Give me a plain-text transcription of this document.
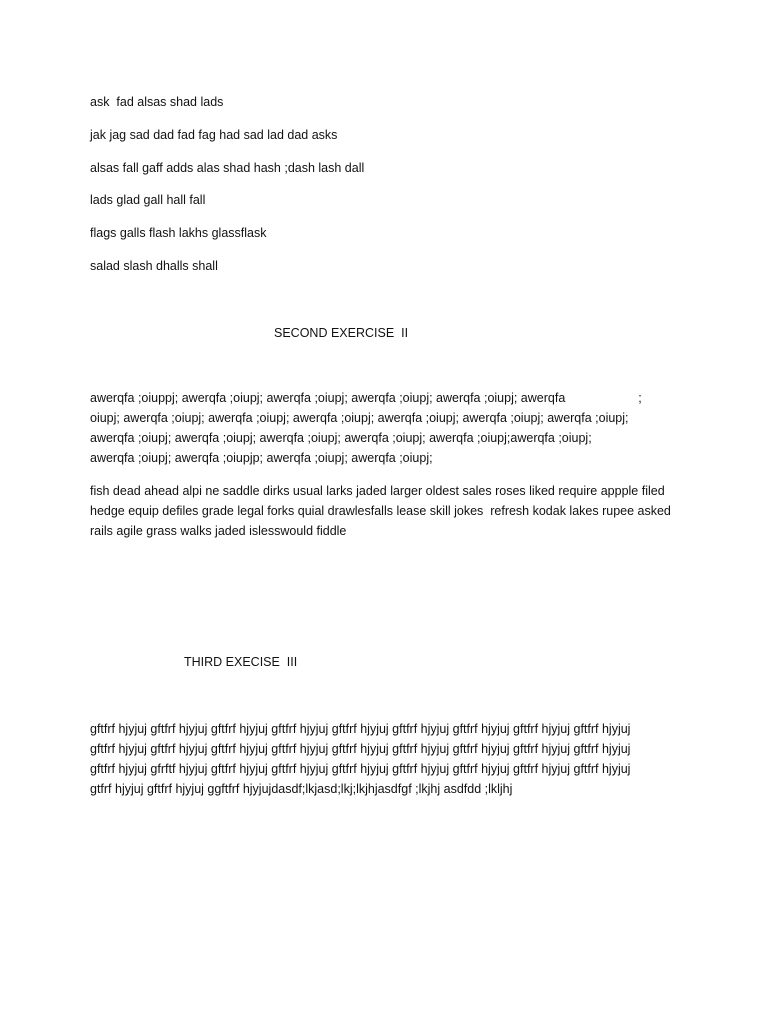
ask  fad alsas shad lads
jak jag sad dad fad fag had sad lad dad asks
alsas fall gaff adds alas shad hash ;dash lash dall
lads glad gall hall fall
flags galls flash lakhs glassflask
salad slash dhalls shall
SECOND EXERCISE  II
awerqfa ;oiuppj; awerqfa ;oiupj; awerqfa ;oiupj; awerqfa ;oiupj; awerqfa ;oiupj; awerqfa                     ;
oiupj; awerqfa ;oiupj; awerqfa ;oiupj; awerqfa ;oiupj; awerqfa ;oiupj; awerqfa ;oiupj; awerqfa ;oiupj;
awerqfa ;oiupj; awerqfa ;oiupj; awerqfa ;oiupj; awerqfa ;oiupj; awerqfa ;oiupj;awerqfa ;oiupj;
awerqfa ;oiupj; awerqfa ;oiupjp; awerqfa ;oiupj; awerqfa ;oiupj;
fish dead ahead alpi ne saddle dirks usual larks jaded larger oldest sales roses liked require appple filed
hedge equip defiles grade legal forks quial drawlesfalls lease skill jokes  refresh kodak lakes rupee asked
rails agile grass walks jaded islesswould fiddle
THIRD EXECISE  III
gftfrf hjyjuj gftfrf hjyjuj gftfrf hjyjuj gftfrf hjyjuj gftfrf hjyjuj gftfrf hjyjuj gftfrf hjyjuj gftfrf hjyjuj gftfrf hjyjuj
gftfrf hjyjuj gftfrf hjyjuj gftfrf hjyjuj gftfrf hjyjuj gftfrf hjyjuj gftfrf hjyjuj gftfrf hjyjuj gftfrf hjyjuj gftfrf hjyjuj
gftfrf hjyjuj gfrftf hjyjuj gftfrf hjyjuj gftfrf hjyjuj gftfrf hjyjuj gftfrf hjyjuj gftfrf hjyjuj gftfrf hjyjuj gftfrf hjyjuj
gtfrf hjyjuj gftfrf hjyjuj ggftfrf hjyjujdasdf;lkjasd;lkj;lkjhjasdfgf ;lkjhj asdfdd ;lkljhj
